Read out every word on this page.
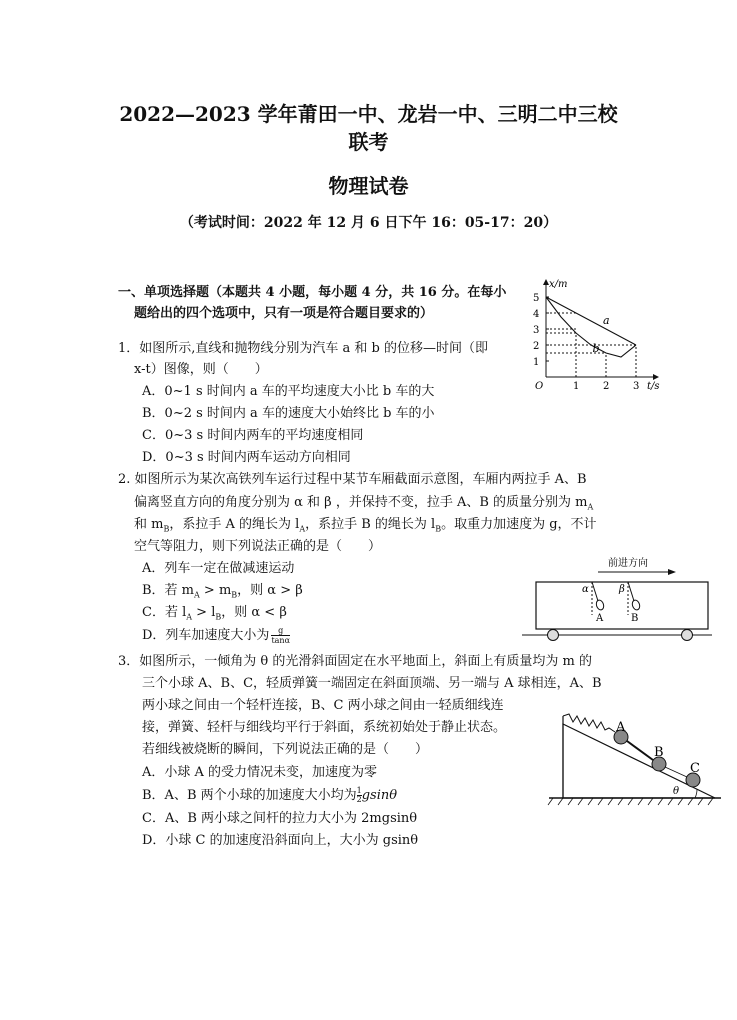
2022—2023 学年莆田一中、龙岩一中、三明二中三校
联考
物理试卷
（考试时间：2022 年 12 月 6 日下午 16：05-17：20）
一、单项选择题（本题共 4 小题，每小题 4 分，共 16 分。在每小
题给出的四个选项中，只有一项是符合题目要求的）
x/m
t/s
O
1
2
3
4
5
1 2 3
a
b
1．如图所示,直线和抛物线分别为汽车 a 和 b 的位移—时间（即
x-t）图像，则（　　）
A．0~1 s 时间内 a 车的平均速度大小比 b 车的大
B．0~2 s 时间内 a 车的速度大小始终比 b 车的小
C．0~3 s 时间内两车的平均速度相同
D．0~3 s 时间内两车运动方向相同
2. 如图所示为某次高铁列车运行过程中某节车厢截面示意图，车厢内两拉手 A、B
偏离竖直方向的角度分别为 α 和 β ，并保持不变，拉手 A、B 的质量分别为 $m_A$
和 $m_B$，系拉手 A 的绳长为 $l_A$，系拉手 B 的绳长为 $l_B$。取重力加速度为 g，不计
空气等阻力，则下列说法正确的是（　　）
A．列车一定在做减速运动
B．若 $m_A > m_B$，则 α > β
C．若 $l_A > l_B$，则 α < β
D．列车加速度大小为 $\frac{g}{\tan\alpha}$
前进方向
α	β
A	B
3．如图所示，一倾角为 θ 的光滑斜面固定在水平地面上，斜面上有质量均为 m 的
三个小球 A、B、C，轻质弹簧一端固定在斜面顶端、另一端与 A 球相连，A、B
两小球之间由一个轻杆连接，B、C 两小球之间由一轻质细线连
接，弹簧、轻杆与细线均平行于斜面，系统初始处于静止状态。
若细线被烧断的瞬间，下列说法正确的是（　　）
A．小球 A 的受力情况未变，加速度为零
B．A、B 两个小球的加速度大小均为 $\frac{1}{2}$ gsinθ
C．A、B 两小球之间杆的拉力大小为 2mgsinθ
D．小球 C 的加速度沿斜面向上，大小为 gsinθ
A
B
C
θ
